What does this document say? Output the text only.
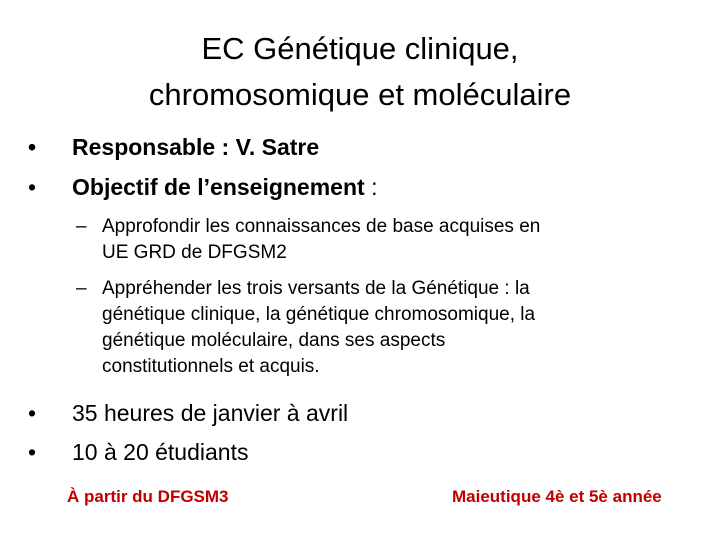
EC Génétique clinique,
chromosomique et moléculaire
• Responsable : V. Satre
• Objectif de l’enseignement :
– Approfondir les connaissances de base acquises en
UE GRD de DFGSM2
– Appréhender les trois versants de la Génétique : la
génétique clinique, la génétique chromosomique, la
génétique moléculaire, dans ses aspects
constitutionnels et acquis.
• 35 heures de janvier à avril
• 10 à 20 étudiants
À partir du DFGSM3	Maieutique 4è et 5è année
